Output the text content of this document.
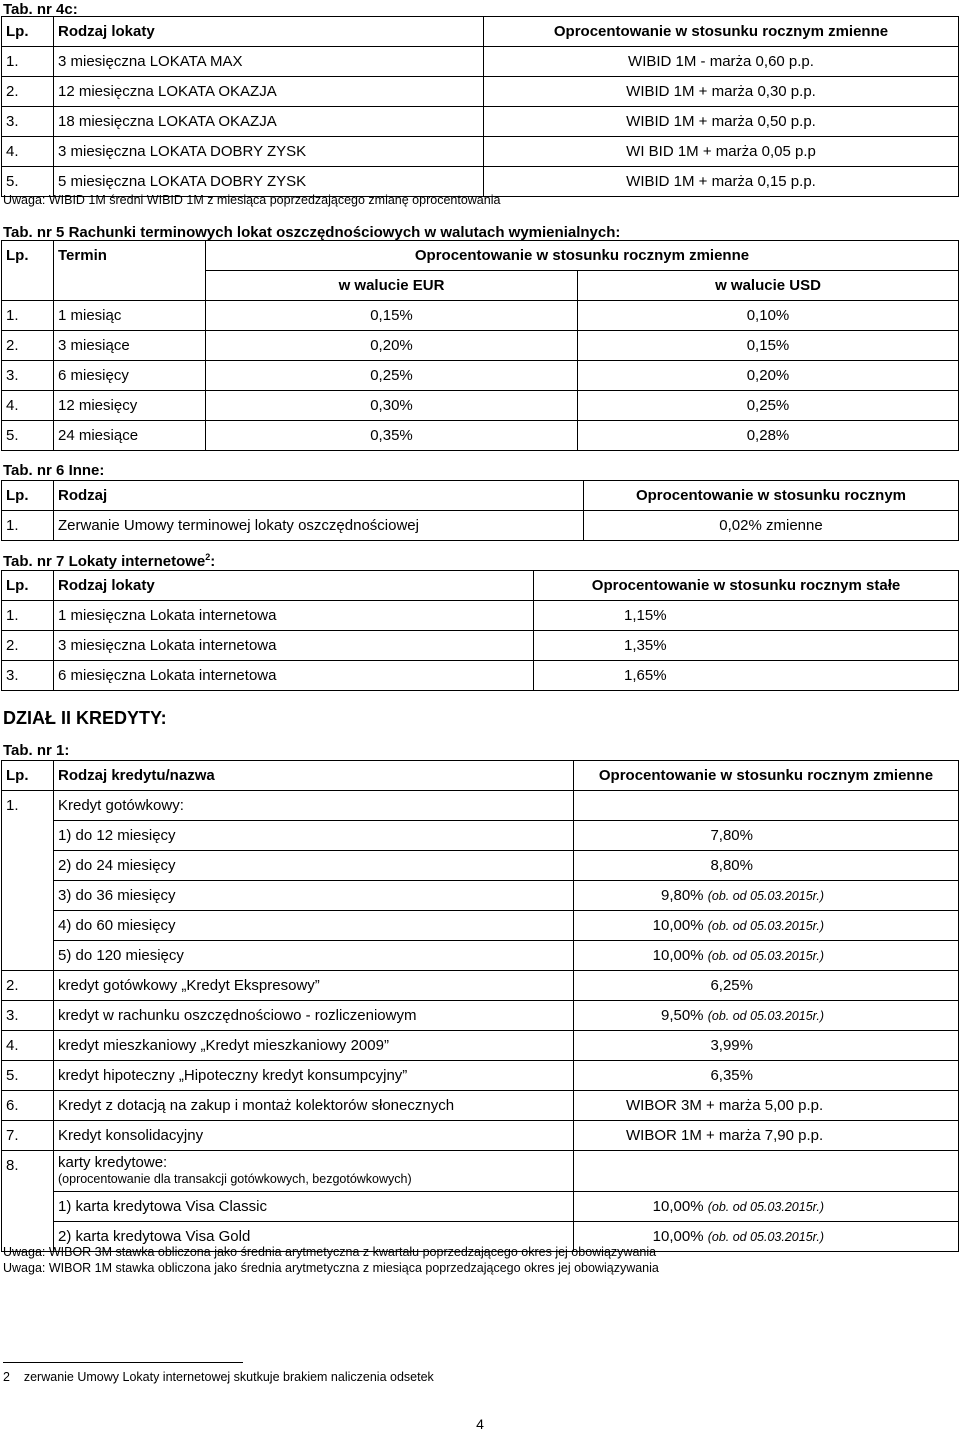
Tab. nr 4c:
Lp.	Rodzaj lokaty	Oprocentowanie w stosunku rocznym zmienne
1.	3 miesięczna LOKATA MAX	WIBID 1M - marża 0,60 p.p.
2.	12 miesięczna LOKATA OKAZJA	WIBID 1M + marża 0,30 p.p.
3.	18 miesięczna LOKATA OKAZJA	WIBID 1M + marża 0,50 p.p.
4.	3 miesięczna LOKATA DOBRY ZYSK	WI BID 1M + marża 0,05 p.p
5.	5 miesięczna LOKATA DOBRY ZYSK	WIBID 1M + marża 0,15 p.p.
Uwaga: WIBID 1M średni WIBID 1M z miesiąca poprzedzającego zmianę oprocentowania
Tab. nr 5 Rachunki terminowych lokat oszczędnościowych w walutach wymienialnych:
Lp.	Termin	Oprocentowanie w stosunku rocznym zmienne	
		w walucie EUR	w walucie USD
1.	1 miesiąc	0,15%	0,10%
2.	3 miesiące	0,20%	0,15%
3.	6 miesięcy	0,25%	0,20%
4.	12 miesięcy	0,30%	0,25%
5.	24 miesiące	0,35%	0,28%
Tab. nr 6 Inne:
Lp.	Rodzaj	Oprocentowanie w stosunku rocznym
1.	Zerwanie Umowy terminowej lokaty oszczędnościowej	0,02% zmienne
Tab. nr 7 Lokaty internetowe$^2$:
Lp.	Rodzaj lokaty	Oprocentowanie w stosunku rocznym stałe
1.	1 miesięczna Lokata internetowa	1,15%
2.	3 miesięczna Lokata internetowa	1,35%
3.	6 miesięczna Lokata internetowa	1,65%
DZIAŁ II KREDYTY:
Tab. nr 1:
Lp.	Rodzaj kredytu/nazwa	Oprocentowanie w stosunku rocznym zmienne
1.	Kredyt gotówkowy:	
	1) do 12 miesięcy	7,80%
	2) do 24 miesięcy	8,80%
	3) do 36 miesięcy	9,80% (ob. od 05.03.2015r.)
	4) do 60 miesięcy	10,00% (ob. od 05.03.2015r.)
	5) do 120 miesięcy	10,00% (ob. od 05.03.2015r.)
2.	kredyt gotówkowy „Kredyt Ekspresowy”	6,25%
3.	kredyt w rachunku oszczędnościowo - rozliczeniowym	9,50% (ob. od 05.03.2015r.)
4.	kredyt mieszkaniowy „Kredyt mieszkaniowy 2009”	3,99%
5.	kredyt hipoteczny „Hipoteczny kredyt konsumpcyjny”	6,35%
6.	Kredyt z dotacją na zakup i montaż kolektorów słonecznych	WIBOR 3M + marża 5,00 p.p.
7.	Kredyt konsolidacyjny	WIBOR 1M + marża 7,90 p.p.
8.	karty kredytowe:
(oprocentowanie dla transakcji gotówkowych, bezgotówkowych)	

	1) karta kredytowa Visa Classic	10,00% (ob. od 05.03.2015r.)
	2) karta kredytowa Visa Gold	10,00% (ob. od 05.03.2015r.)
Uwaga: WIBOR 3M stawka obliczona jako średnia arytmetyczna z kwartału poprzedzającego okres jej obowiązywania
Uwaga: WIBOR 1M stawka obliczona jako średnia arytmetyczna z miesiąca poprzedzającego okres jej obowiązywania
2 zerwanie Umowy Lokaty internetowej skutkuje brakiem naliczenia odsetek
4
